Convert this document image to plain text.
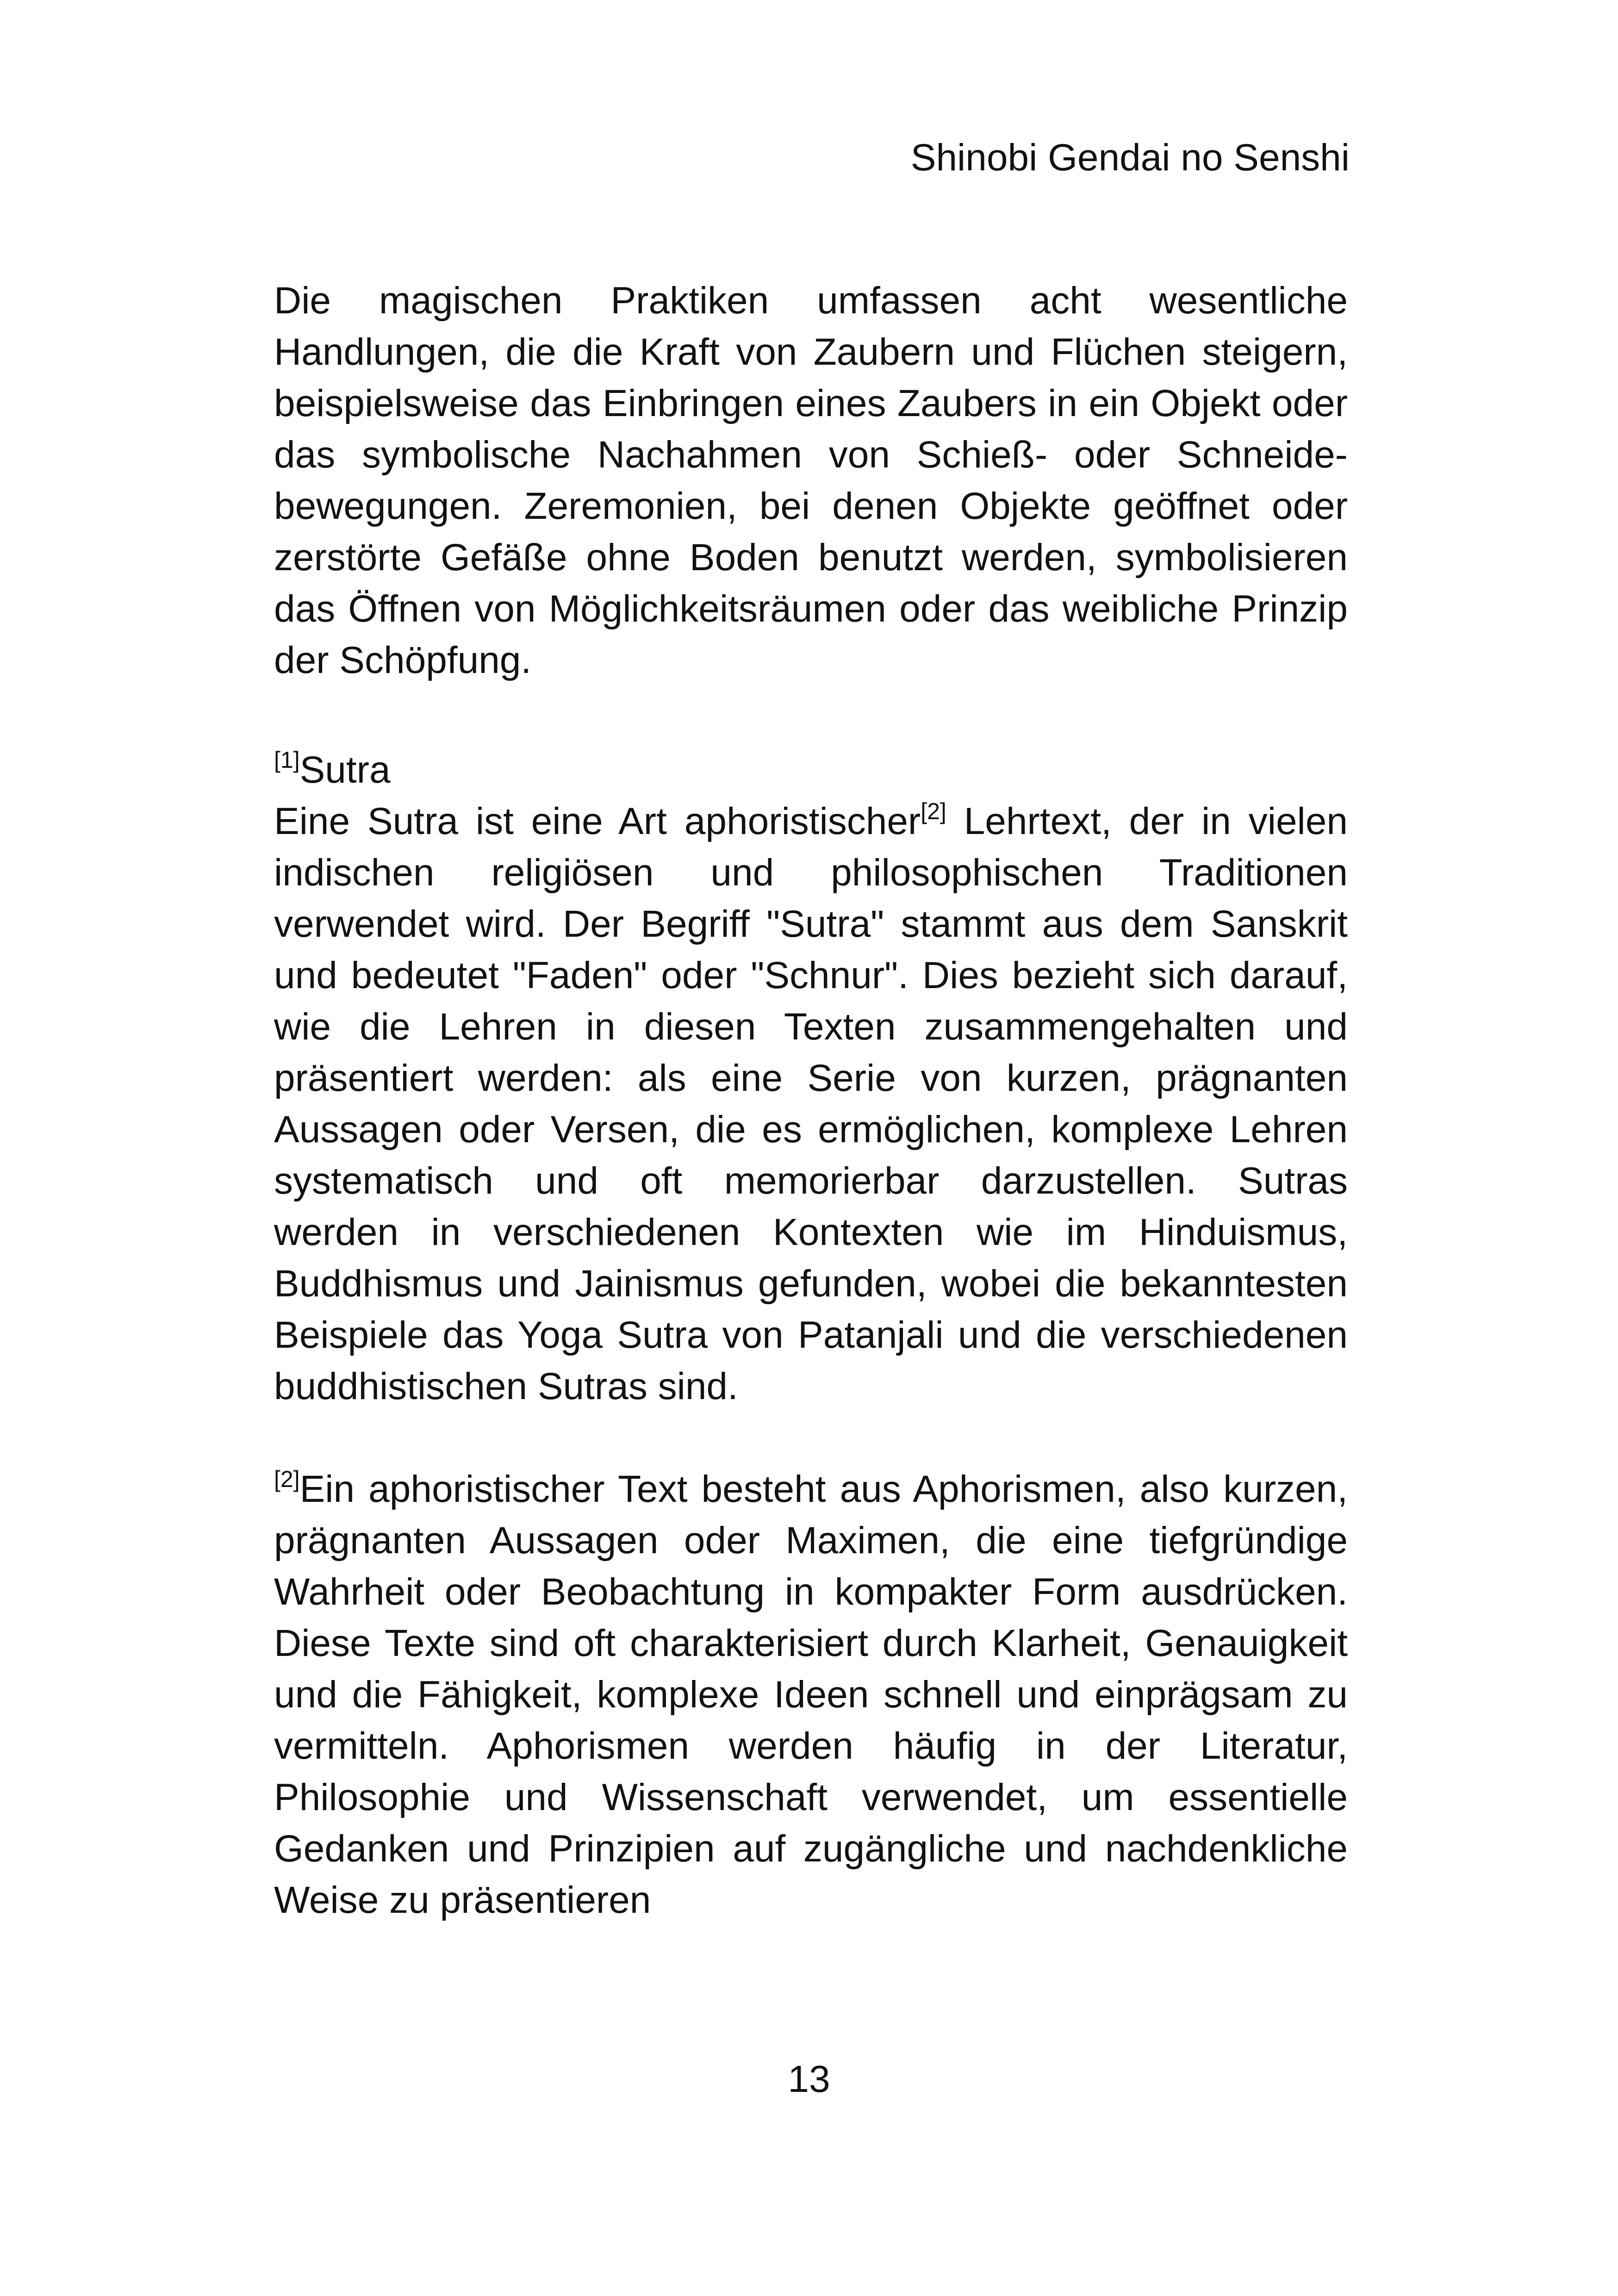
Shinobi Gendai no Senshi
Die magischen Praktiken umfassen acht wesentliche
Handlungen, die die Kraft von Zaubern und Flüchen steigern,
beispielsweise das Einbringen eines Zaubers in ein Objekt oder
das symbolische Nachahmen von Schieß- oder Schneide-
bewegungen. Zeremonien, bei denen Objekte geöffnet oder
zerstörte Gefäße ohne Boden benutzt werden, symbolisieren
das Öffnen von Möglichkeitsräumen oder das weibliche Prinzip
der Schöpfung.
[1]Sutra
Eine Sutra ist eine Art aphoristischer[2] Lehrtext, der in vielen
indischen religiösen und philosophischen Traditionen
verwendet wird. Der Begriff "Sutra" stammt aus dem Sanskrit
und bedeutet "Faden" oder "Schnur". Dies bezieht sich darauf,
wie die Lehren in diesen Texten zusammengehalten und
präsentiert werden: als eine Serie von kurzen, prägnanten
Aussagen oder Versen, die es ermöglichen, komplexe Lehren
systematisch und oft memorierbar darzustellen. Sutras
werden in verschiedenen Kontexten wie im Hinduismus,
Buddhismus und Jainismus gefunden, wobei die bekanntesten
Beispiele das Yoga Sutra von Patanjali und die verschiedenen
buddhistischen Sutras sind.
[2]Ein aphoristischer Text besteht aus Aphorismen, also kurzen,
prägnanten Aussagen oder Maximen, die eine tiefgründige
Wahrheit oder Beobachtung in kompakter Form ausdrücken.
Diese Texte sind oft charakterisiert durch Klarheit, Genauigkeit
und die Fähigkeit, komplexe Ideen schnell und einprägsam zu
vermitteln. Aphorismen werden häufig in der Literatur,
Philosophie und Wissenschaft verwendet, um essentielle
Gedanken und Prinzipien auf zugängliche und nachdenkliche
Weise zu präsentieren
13
